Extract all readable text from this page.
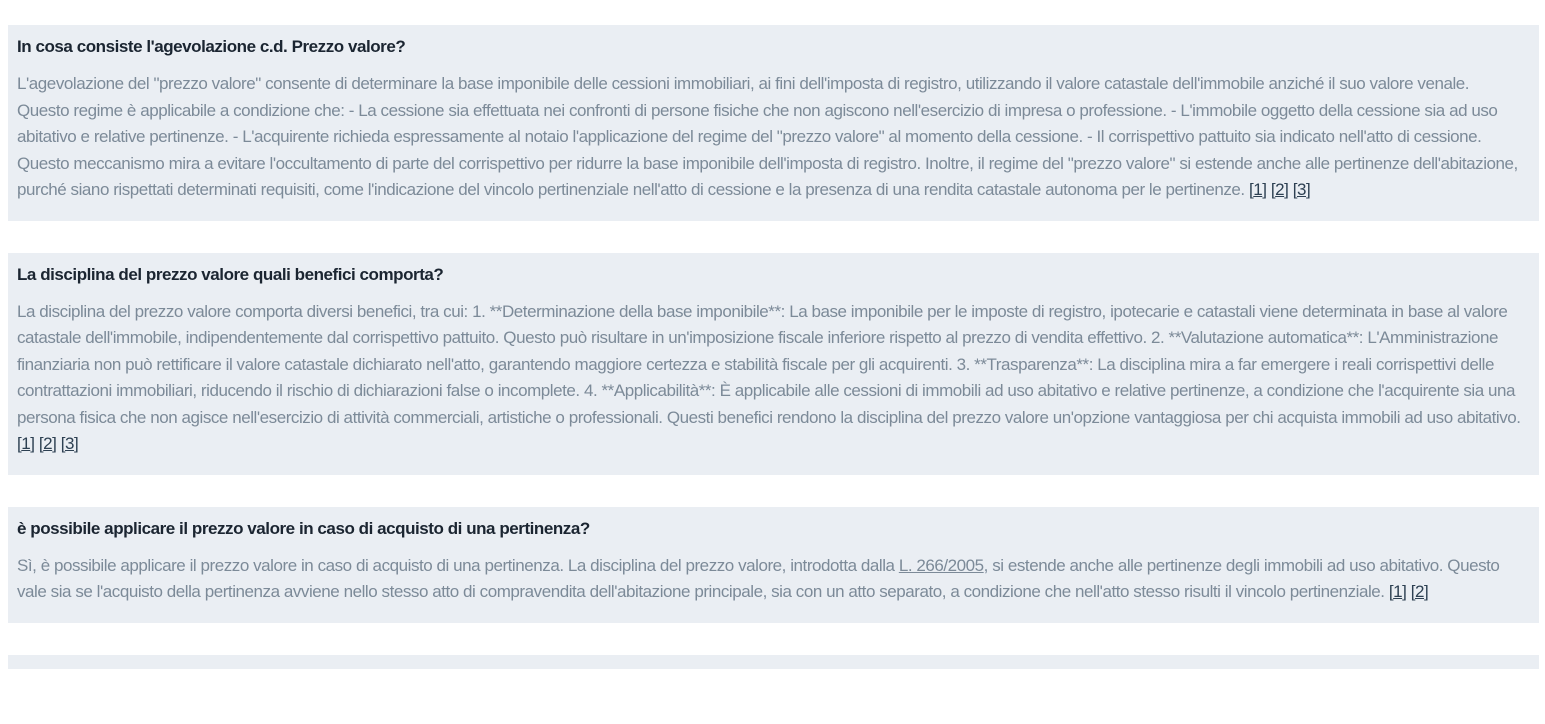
In cosa consiste l'agevolazione c.d. Prezzo valore?
L'agevolazione del "prezzo valore" consente di determinare la base imponibile delle cessioni immobiliari, ai fini dell'imposta di registro, utilizzando il valore catastale dell'immobile anziché il suo valore venale. Questo regime è applicabile a condizione che: - La cessione sia effettuata nei confronti di persone fisiche che non agiscono nell'esercizio di impresa o professione. - L'immobile oggetto della cessione sia ad uso abitativo e relative pertinenze. - L'acquirente richieda espressamente al notaio l'applicazione del regime del "prezzo valore" al momento della cessione. - Il corrispettivo pattuito sia indicato nell'atto di cessione. Questo meccanismo mira a evitare l'occultamento di parte del corrispettivo per ridurre la base imponibile dell'imposta di registro. Inoltre, il regime del "prezzo valore" si estende anche alle pertinenze dell'abitazione, purché siano rispettati determinati requisiti, come l'indicazione del vincolo pertinenziale nell'atto di cessione e la presenza di una rendita catastale autonoma per le pertinenze. [1] [2] [3]
La disciplina del prezzo valore quali benefici comporta?
La disciplina del prezzo valore comporta diversi benefici, tra cui: 1. **Determinazione della base imponibile**: La base imponibile per le imposte di registro, ipotecarie e catastali viene determinata in base al valore catastale dell'immobile, indipendentemente dal corrispettivo pattuito. Questo può risultare in un'imposizione fiscale inferiore rispetto al prezzo di vendita effettivo. 2. **Valutazione automatica**: L'Amministrazione finanziaria non può rettificare il valore catastale dichiarato nell'atto, garantendo maggiore certezza e stabilità fiscale per gli acquirenti. 3. **Trasparenza**: La disciplina mira a far emergere i reali corrispettivi delle contrattazioni immobiliari, riducendo il rischio di dichiarazioni false o incomplete. 4. **Applicabilità**: È applicabile alle cessioni di immobili ad uso abitativo e relative pertinenze, a condizione che l'acquirente sia una persona fisica che non agisce nell'esercizio di attività commerciali, artistiche o professionali. Questi benefici rendono la disciplina del prezzo valore un'opzione vantaggiosa per chi acquista immobili ad uso abitativo. [1] [2] [3]
è possibile applicare il prezzo valore in caso di acquisto di una pertinenza?
Sì, è possibile applicare il prezzo valore in caso di acquisto di una pertinenza. La disciplina del prezzo valore, introdotta dalla L. 266/2005, si estende anche alle pertinenze degli immobili ad uso abitativo. Questo vale sia se l'acquisto della pertinenza avviene nello stesso atto di compravendita dell'abitazione principale, sia con un atto separato, a condizione che nell'atto stesso risulti il vincolo pertinenziale. [1] [2]
